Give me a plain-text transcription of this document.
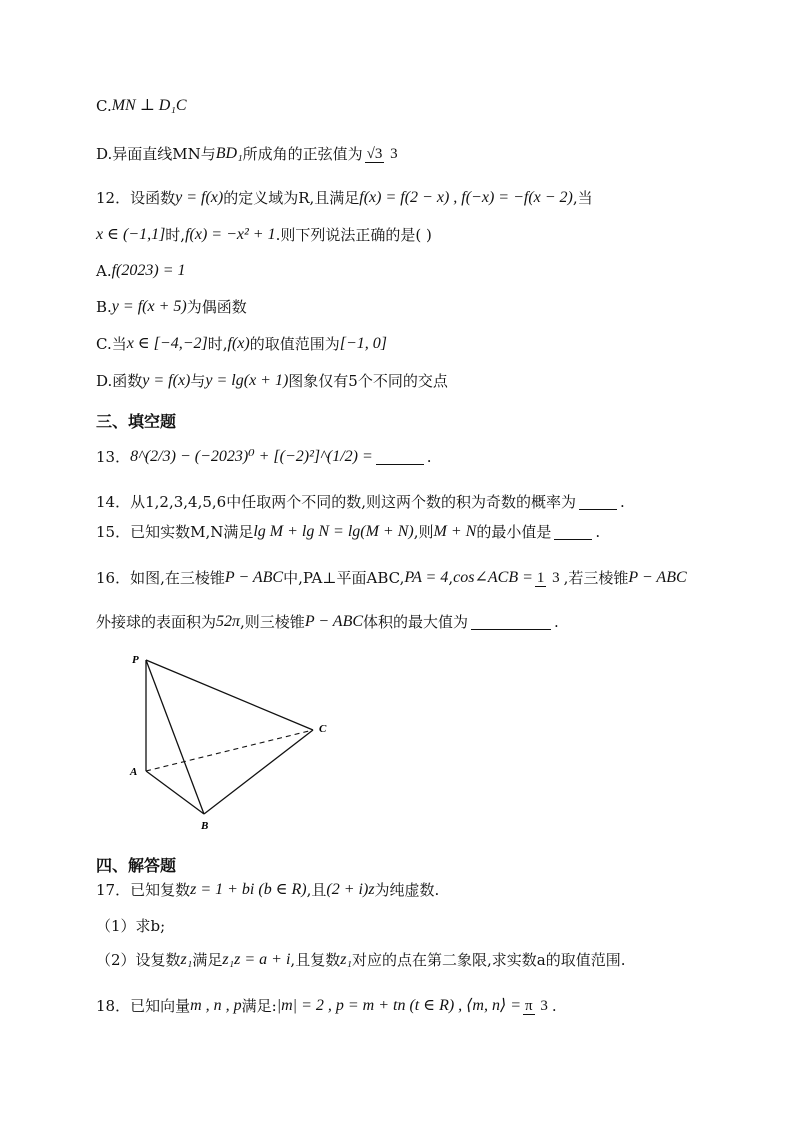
C. MN ⊥ D₁C
D.异面直线MN与 BD₁ 所成角的正弦值为 √3 3
12．设函数 y = f(x) 的定义域为R,且满足 f(x) = f(2 − x) , f(−x) = −f(x − 2) ,当
x ∈ (−1,1] 时, f(x) = −x² + 1 .则下列说法正确的是( )
A. f(2023) = 1
B. y = f(x + 5) 为偶函数
C.当 x ∈ [−4,−2] 时, f(x) 的取值范围为 [−1, 0]
D.函数 y = f(x) 与 y = lg(x + 1) 图象仅有5个不同的交点
三、填空题
13． 8^(2/3) − (−2023)⁰ + [(−2)²]^(1/2) =	.
14．从1,2,3,4,5,6中任取两个不同的数,则这两个数的积为奇数的概率为	.
15．已知实数M,N满足 lg M + lg N = lg(M + N) ,则 M + N 的最小值是	.
16．如图,在三棱锥 P − ABC 中,PA⊥平面ABC, PA = 4 , cos∠ACB = 1 3 ,若三棱锥 P − ABC
外接球的表面积为 52π ,则三棱锥 P − ABC 体积的最大值为	.
P
A
B
C
四、解答题
17．已知复数 z = 1 + bi (b ∈ R) ,且 (2 + i)z 为纯虚数.
（1）求b;
（2）设复数 z₁ 满足 z₁z = a + i ,且复数 z₁ 对应的点在第二象限,求实数a的取值范围.
18．已知向量 m , n , p 满足: |m| = 2 , p = m + tn (t ∈ R) , ⟨m, n⟩ = π 3 .
